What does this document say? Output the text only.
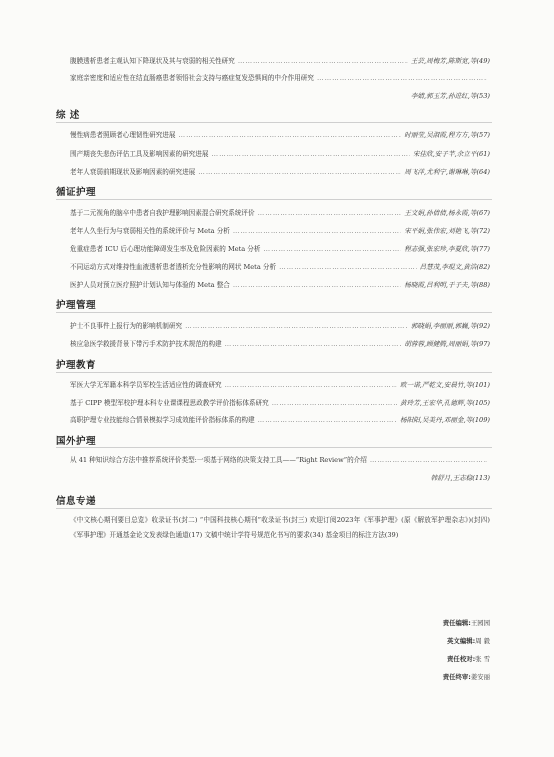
腹膜透析患者主观认知下降现状及其与衰弱的相关性研究 …………………………………………………………………………………………………………………………………………………………………………………………………………	王芸,周梅芳,陈斯宽,等(49)
家庭亲密度和适应性在结直肠癌患者领悟社会支持与癌症复发恐惧间的中介作用研究
…………………………………………………………………………………………………………………………………………………………………………………………………………
李婧,郭玉芳,孙进红,等(53)
综 述
慢性病患者照顾者心理韧性研究进展 …………………………………………………………………………………………………………………………………………………………………………………………………………	时丽莹,吴淑霞,程方方,等(57)
围产期丧失悲伤评估工具及影响因素的研究进展 …………………………………………………………………………………………………………………………………………………………………………………………………………	宋佳欣,安子芊,余立平(61)
老年人衰弱前期现状及影响因素的研究进展 …………………………………………………………………………………………………………………………………………………………………………………………………………	周飞洋,尤利宁,谢琳琳,等(64)
循证护理
基于二元视角的脑卒中患者自我护理影响因素混合研究系统评价 …………………………………………………………………………………………………………………………………………………………………………………………………………	王文娟,孙倩倩,杨永霞,等(67)
老年人久坐行为与衰弱相关性的系统评价与 Meta 分析 …………………………………………………………………………………………………………………………………………………………………………………………………………	宋平娟,张伟宏,刘艳飞,等(72)
危重症患者 ICU 后心理功能障碍发生率及危险因素的 Meta 分析 …………………………………………………………………………………………………………………………………………………………………………………………………………	程志强,张宏珍,李夏欣,等(77)
不同运动方式对维持性血液透析患者透析充分性影响的网状 Meta 分析 …………………………………………………………………………………………………………………………………………………………………………………………………………	吕慧茂,李琨文,黄浩(82)
医护人员对预立医疗照护计划认知与体验的 Meta 整合 …………………………………………………………………………………………………………………………………………………………………………………………………………	杨晓霞,吕利明,于子夫,等(88)
护理管理
护士不良事件上报行为的影响机制研究 …………………………………………………………………………………………………………………………………………………………………………………………………………	郭晓娟,李丽丽,郭巍,等(92)
核应急医学救援背景下带污手术防护技术规范的构建 …………………………………………………………………………………………………………………………………………………………………………………………………………	胡蓉蓉,顾健腾,周丽娟,等(97)
护理教育
军医大学无军籍本科学员军校生活适应性的调查研究 …………………………………………………………………………………………………………………………………………………………………………………………………………	欧一诺,严乾文,安晨竹,等(101)
基于 CIPP 模型军校护理本科专业课课程思政教学评价指标体系研究 …………………………………………………………………………………………………………………………………………………………………………………………………………	黄玲芳,王宏华,孔德辉,等(105)
高职护理专业技能综合情景模拟学习成效能评价指标体系的构建 …………………………………………………………………………………………………………………………………………………………………………………………………………	杨阳阳,吴美丹,邓丽金,等(109)
国外护理
从 41 种知识综合方法中推荐系统评价类型:一项基于网络的决策支持工具——“Right Review”的介绍
…………………………………………………………………………………………………………………………………………………………………………………………………………
韩舒月,王志稳(113)
信息专递
《中文核心期刊要目总览》收录证书(封二) “中国科技核心期刊”收录证书(封三) 欢迎订阅2023年《军事护理》(原《解放军护理杂志》)(封四) 《军事护理》开通基金论文发表绿色通道(17) 文稿中统计学符号规范化书写的要求(34) 基金项目的标注方法(39)
责任编辑:王园园
英文编辑:周 毅
责任校对:张 雪
责任终审:姜安丽
